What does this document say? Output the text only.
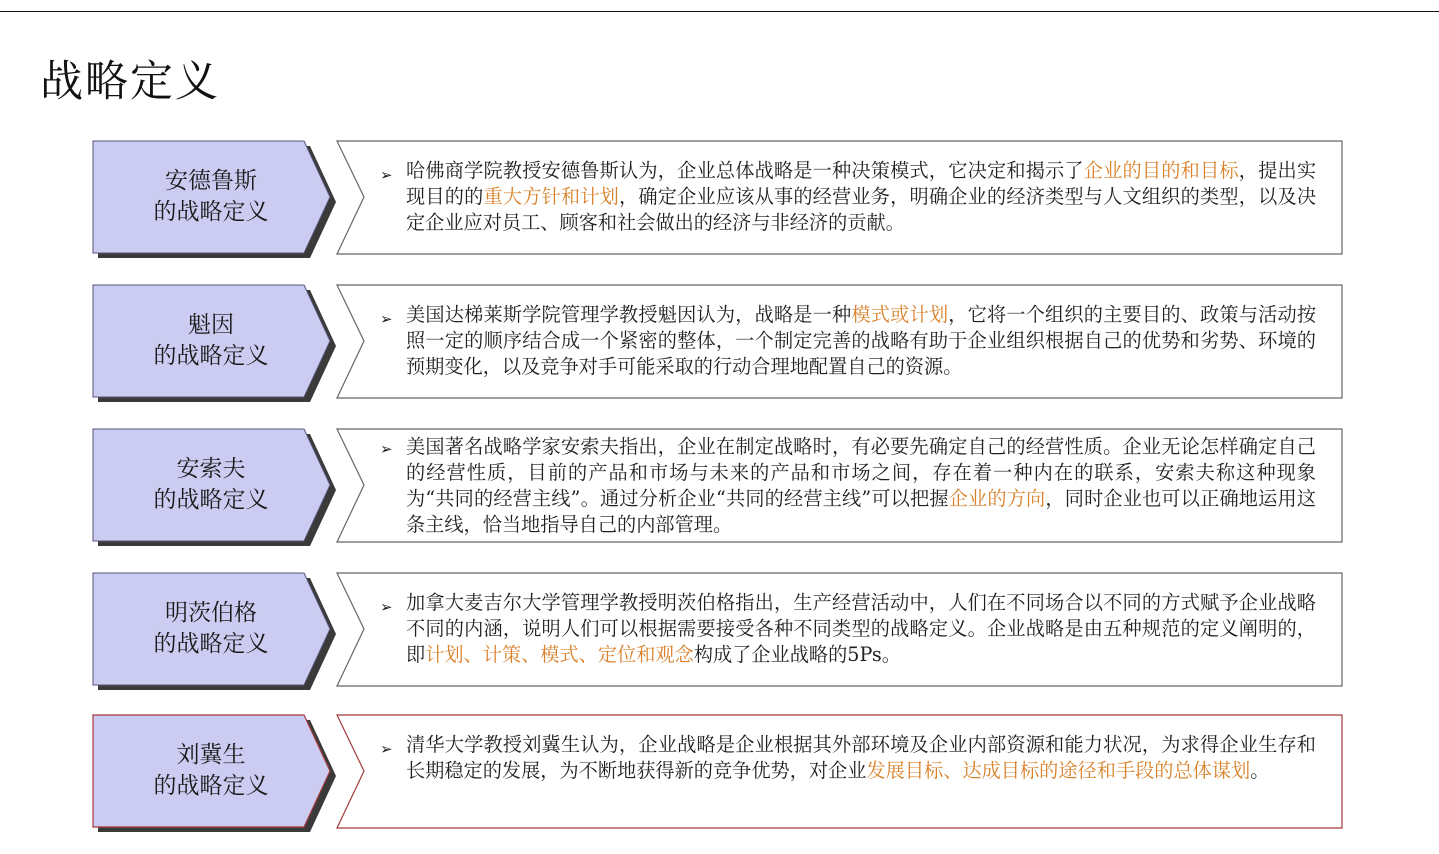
战略定义
安德鲁斯
的战略定义
➢ 哈佛商学院教授安德鲁斯认为，企业总体战略是一种决策模式，它决定和揭示了企业的目的和目标，提出实现目的的重大方针和计划，确定企业应该从事的经营业务，明确企业的经济类型与人文组织的类型，以及决定企业应对员工、顾客和社会做出的经济与非经济的贡献。
魁因
的战略定义
➢ 美国达梯莱斯学院管理学教授魁因认为，战略是一种模式或计划，它将一个组织的主要目的、政策与活动按照一定的顺序结合成一个紧密的整体，一个制定完善的战略有助于企业组织根据自己的优势和劣势、环境的预期变化，以及竞争对手可能采取的行动合理地配置自己的资源。
安索夫
的战略定义
➢ 美国著名战略学家安索夫指出，企业在制定战略时，有必要先确定自己的经营性质。企业无论怎样确定自己的经营性质，目前的产品和市场与未来的产品和市场之间，存在着一种内在的联系，安索夫称这种现象为“共同的经营主线”。通过分析企业“共同的经营主线”可以把握企业的方向，同时企业也可以正确地运用这条主线，恰当地指导自己的内部管理。
明茨伯格
的战略定义
➢ 加拿大麦吉尔大学管理学教授明茨伯格指出，生产经营活动中，人们在不同场合以不同的方式赋予企业战略不同的内涵，说明人们可以根据需要接受各种不同类型的战略定义。企业战略是由五种规范的定义阐明的，即计划、计策、模式、定位和观念构成了企业战略的5Ps。
刘冀生
的战略定义
➢ 清华大学教授刘冀生认为，企业战略是企业根据其外部环境及企业内部资源和能力状况，为求得企业生存和长期稳定的发展，为不断地获得新的竞争优势，对企业发展目标、达成目标的途径和手段的总体谋划。
